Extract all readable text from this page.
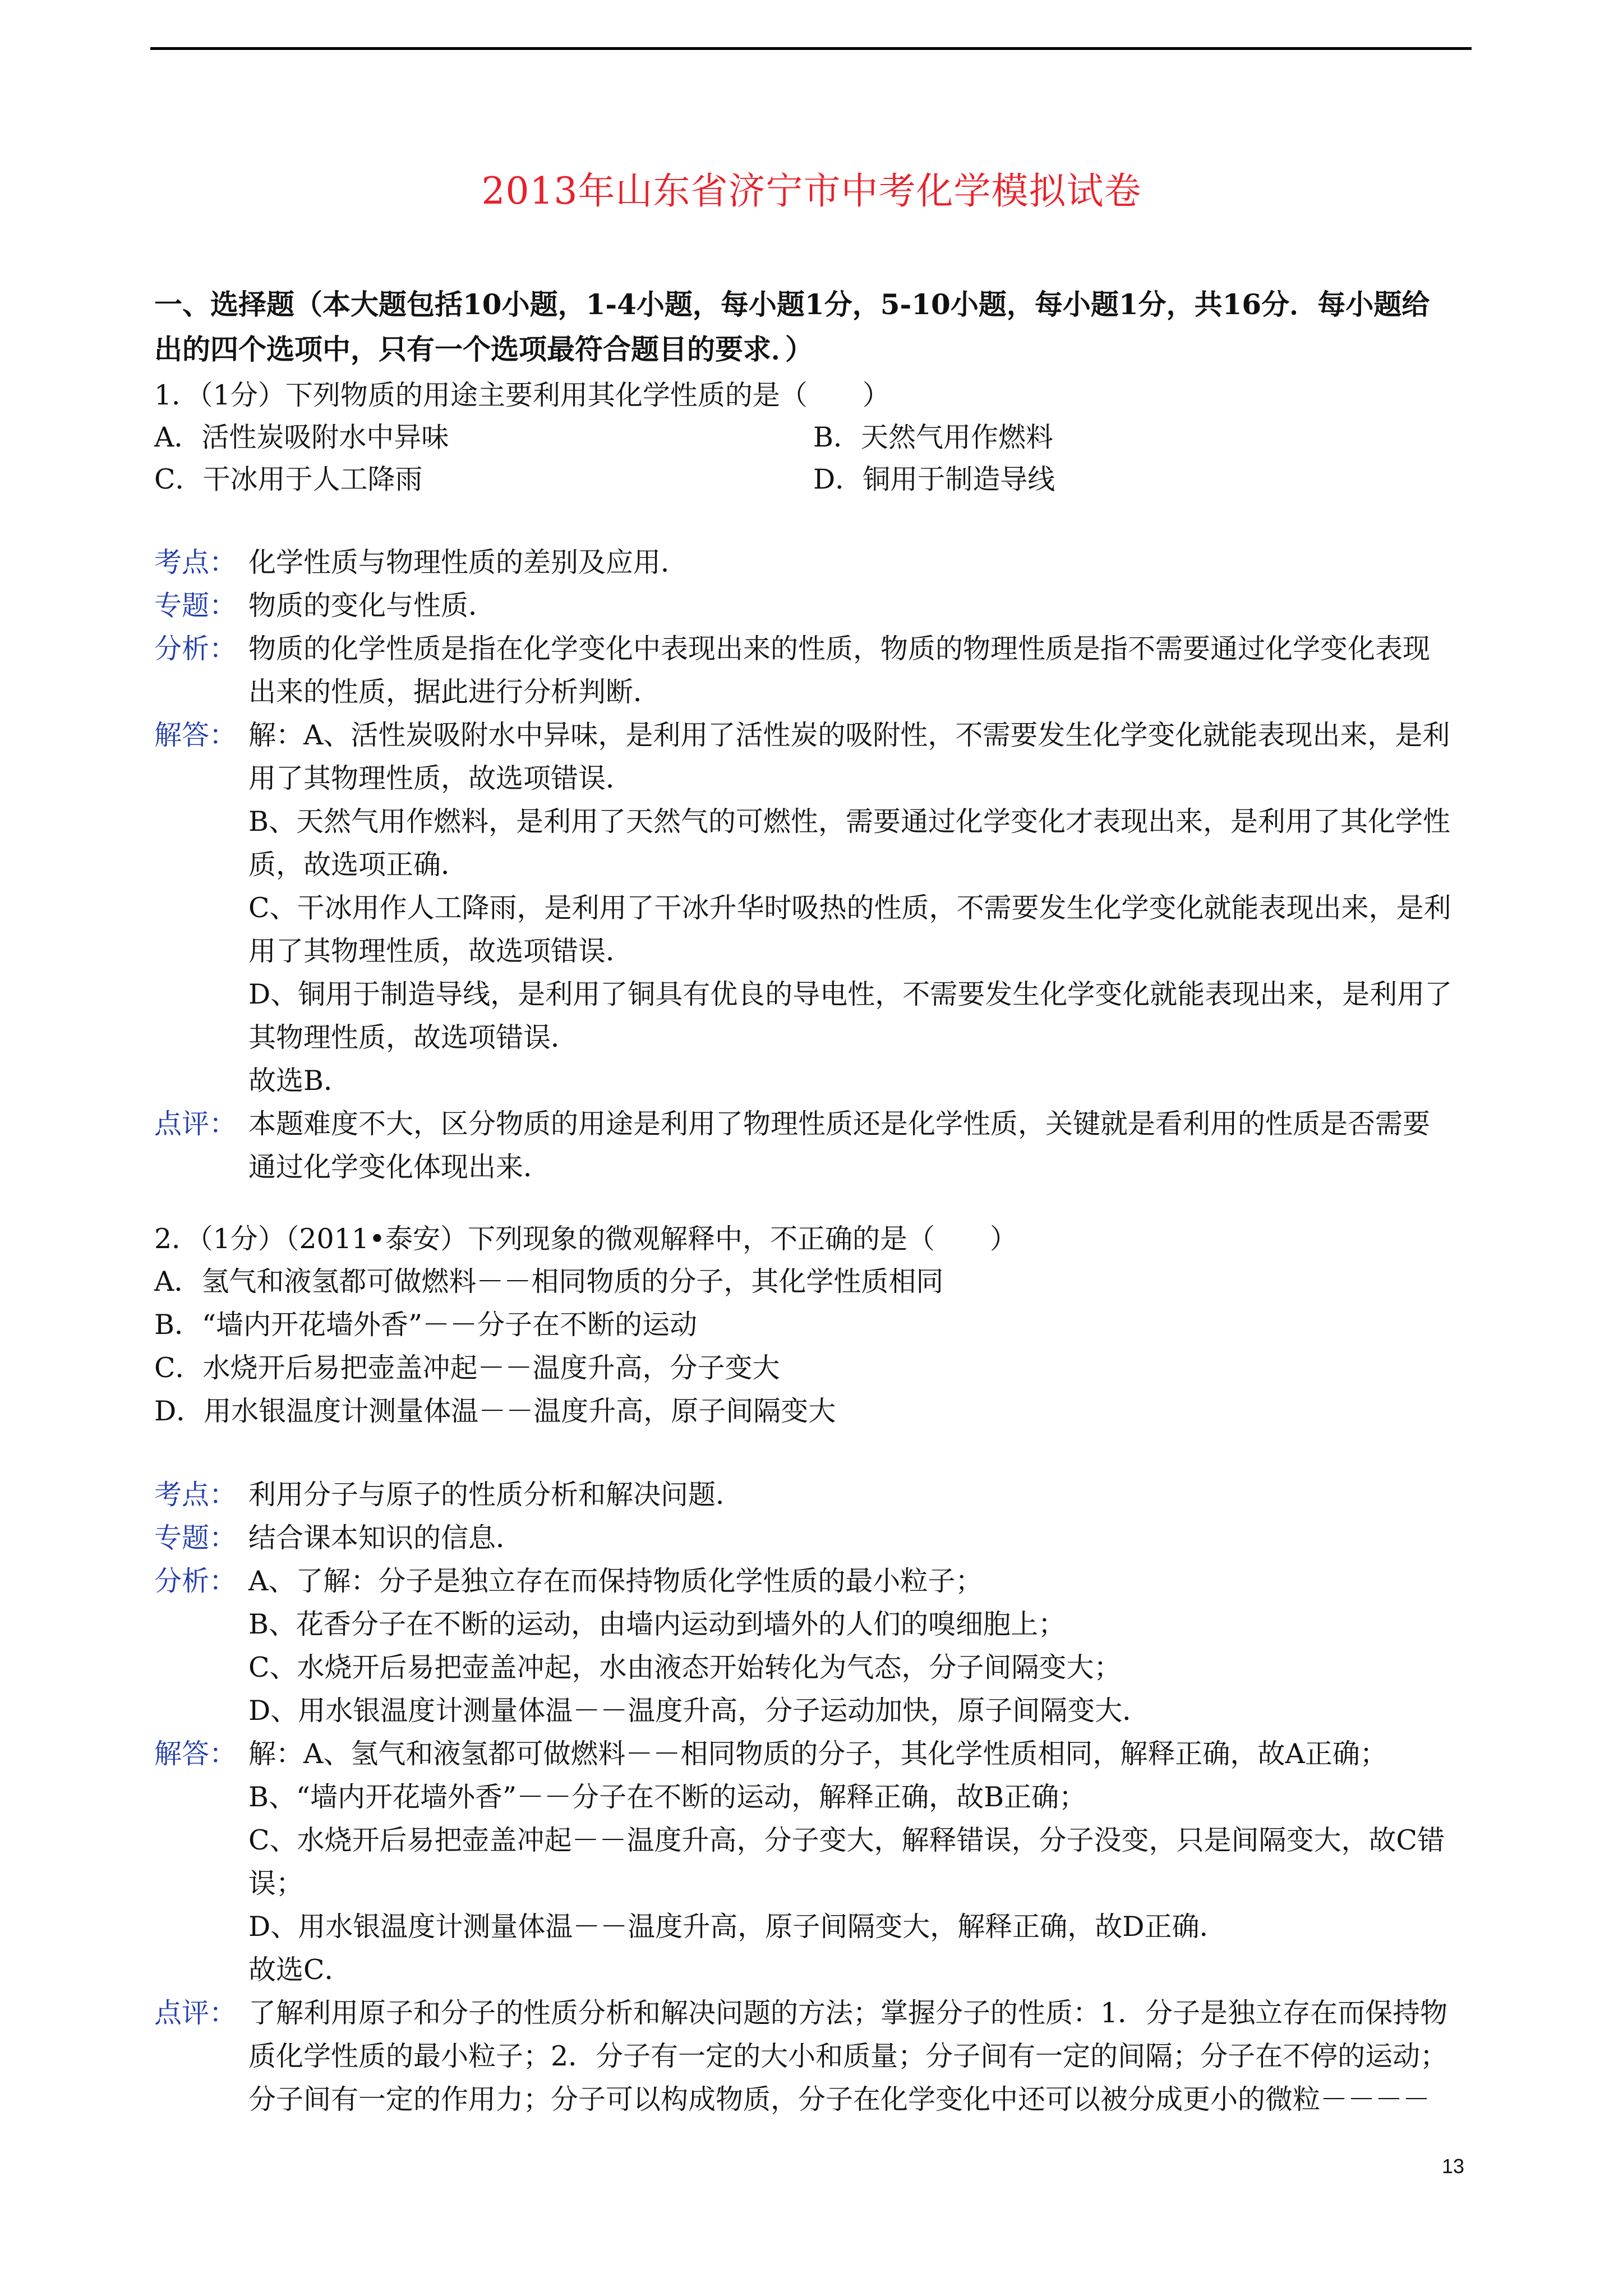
2013年山东省济宁市中考化学模拟试卷

一、选择题（本大题包括10小题，1-4小题，每小题1分，5-10小题，每小题1分，共16分．每小题给

出的四个选项中，只有一个选项最符合题目的要求．）

1．（1分）下列物质的用途主要利用其化学性质的是（　　）

A．活性炭吸附水中异味	B．天然气用作燃料
C．干冰用于人工降雨	D．铜用于制造导线
考点： 化学性质与物理性质的差别及应用．

专题： 物质的变化与性质．

分析： 物质的化学性质是指在化学变化中表现出来的性质，物质的物理性质是指不需要通过化学变化表现

出来的性质，据此进行分析判断．

解答： 解：A、活性炭吸附水中异味，是利用了活性炭的吸附性，不需要发生化学变化就能表现出来，是利

用了其物理性质，故选项错误．

B、天然气用作燃料，是利用了天然气的可燃性，需要通过化学变化才表现出来，是利用了其化学性

质，故选项正确．

C、干冰用作人工降雨，是利用了干冰升华时吸热的性质，不需要发生化学变化就能表现出来，是利

用了其物理性质，故选项错误．

D、铜用于制造导线，是利用了铜具有优良的导电性，不需要发生化学变化就能表现出来，是利用了

其物理性质，故选项错误．

故选B．

点评： 本题难度不大，区分物质的用途是利用了物理性质还是化学性质，关键就是看利用的性质是否需要

通过化学变化体现出来．

2．（1分）（2011•泰安）下列现象的微观解释中，不正确的是（　　）

A．氢气和液氢都可做燃料－－相同物质的分子，其化学性质相同

B．“墙内开花墙外香”－－分子在不断的运动

C．水烧开后易把壶盖冲起－－温度升高，分子变大

D．用水银温度计测量体温－－温度升高，原子间隔变大

考点： 利用分子与原子的性质分析和解决问题．

专题： 结合课本知识的信息．

分析： A、了解：分子是独立存在而保持物质化学性质的最小粒子；

B、花香分子在不断的运动，由墙内运动到墙外的人们的嗅细胞上；

C、水烧开后易把壶盖冲起，水由液态开始转化为气态，分子间隔变大；

D、用水银温度计测量体温－－温度升高，分子运动加快，原子间隔变大．

解答： 解：A、氢气和液氢都可做燃料－－相同物质的分子，其化学性质相同，解释正确，故A正确；

B、“墙内开花墙外香”－－分子在不断的运动，解释正确，故B正确；

C、水烧开后易把壶盖冲起－－温度升高，分子变大，解释错误，分子没变，只是间隔变大，故C错

误；

D、用水银温度计测量体温－－温度升高，原子间隔变大，解释正确，故D正确．

故选C．

点评： 了解利用原子和分子的性质分析和解决问题的方法；掌握分子的性质：1．分子是独立存在而保持物

质化学性质的最小粒子；2．分子有一定的大小和质量；分子间有一定的间隔；分子在不停的运动；

分子间有一定的作用力；分子可以构成物质，分子在化学变化中还可以被分成更小的微粒－－－－

13
